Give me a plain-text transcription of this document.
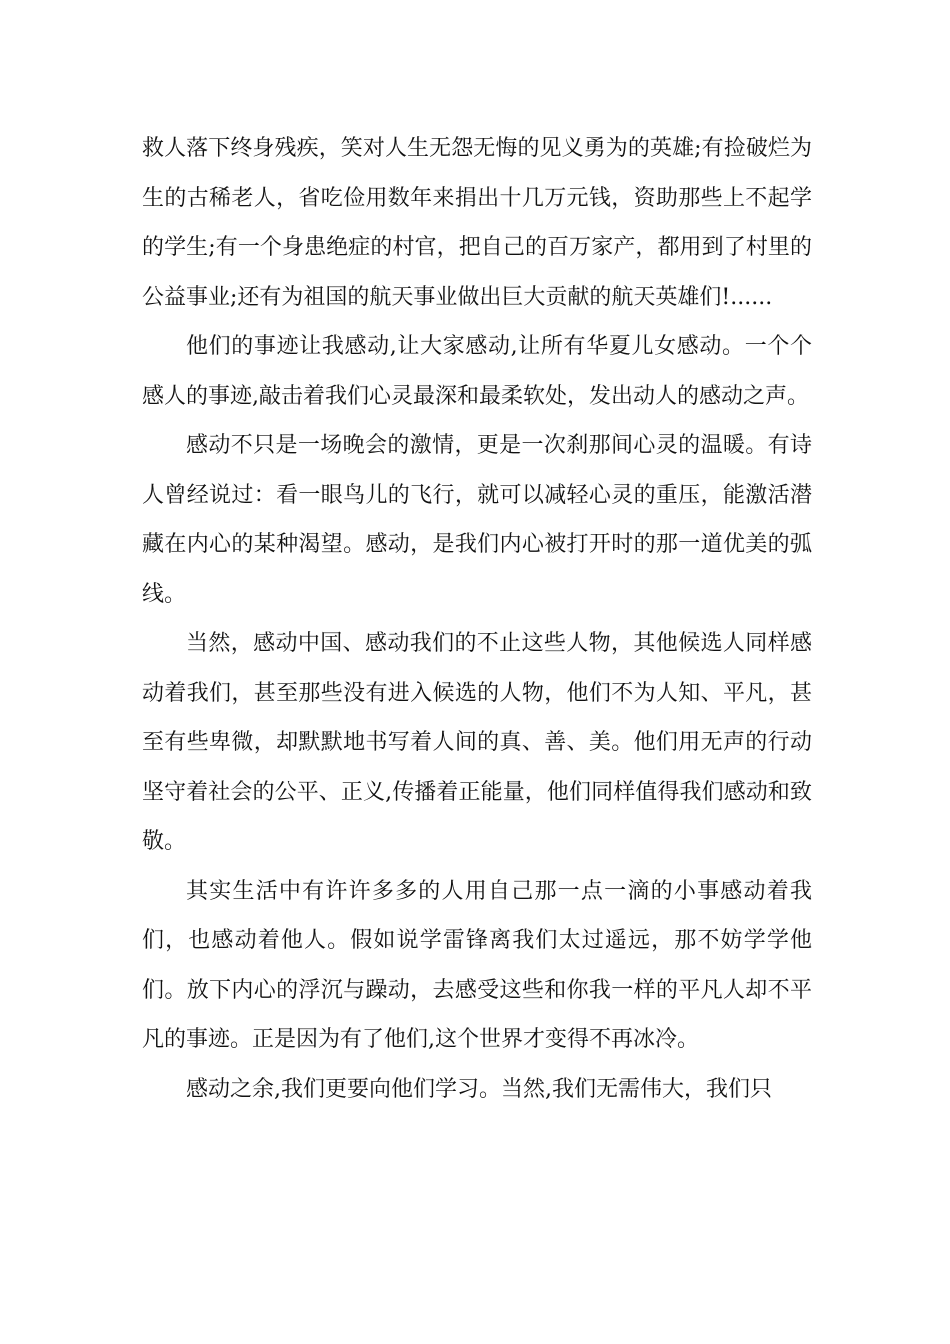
救人落下终身残疾，笑对人生无怨无悔的见义勇为的英雄;有捡破烂为生的古稀老人，省吃俭用数年来捐出十几万元钱，资助那些上不起学的学生;有一个身患绝症的村官，把自己的百万家产，都用到了村里的公益事业;还有为祖国的航天事业做出巨大贡献的航天英雄们!......

他们的事迹让我感动,让大家感动,让所有华夏儿女感动。一个个感人的事迹,敲击着我们心灵最深和最柔软处，发出动人的感动之声。

感动不只是一场晚会的激情，更是一次刹那间心灵的温暖。有诗人曾经说过：看一眼鸟儿的飞行，就可以减轻心灵的重压，能激活潜藏在内心的某种渴望。感动，是我们内心被打开时的那一道优美的弧线。

当然，感动中国、感动我们的不止这些人物，其他候选人同样感动着我们，甚至那些没有进入候选的人物，他们不为人知、平凡，甚至有些卑微，却默默地书写着人间的真、善、美。他们用无声的行动坚守着社会的公平、正义,传播着正能量，他们同样值得我们感动和致敬。

其实生活中有许许多多的人用自己那一点一滴的小事感动着我们，也感动着他人。假如说学雷锋离我们太过遥远，那不妨学学他们。放下内心的浮沉与躁动，去感受这些和你我一样的平凡人却不平凡的事迹。正是因为有了他们,这个世界才变得不再冰冷。

感动之余,我们更要向他们学习。当然,我们无需伟大，我们只
